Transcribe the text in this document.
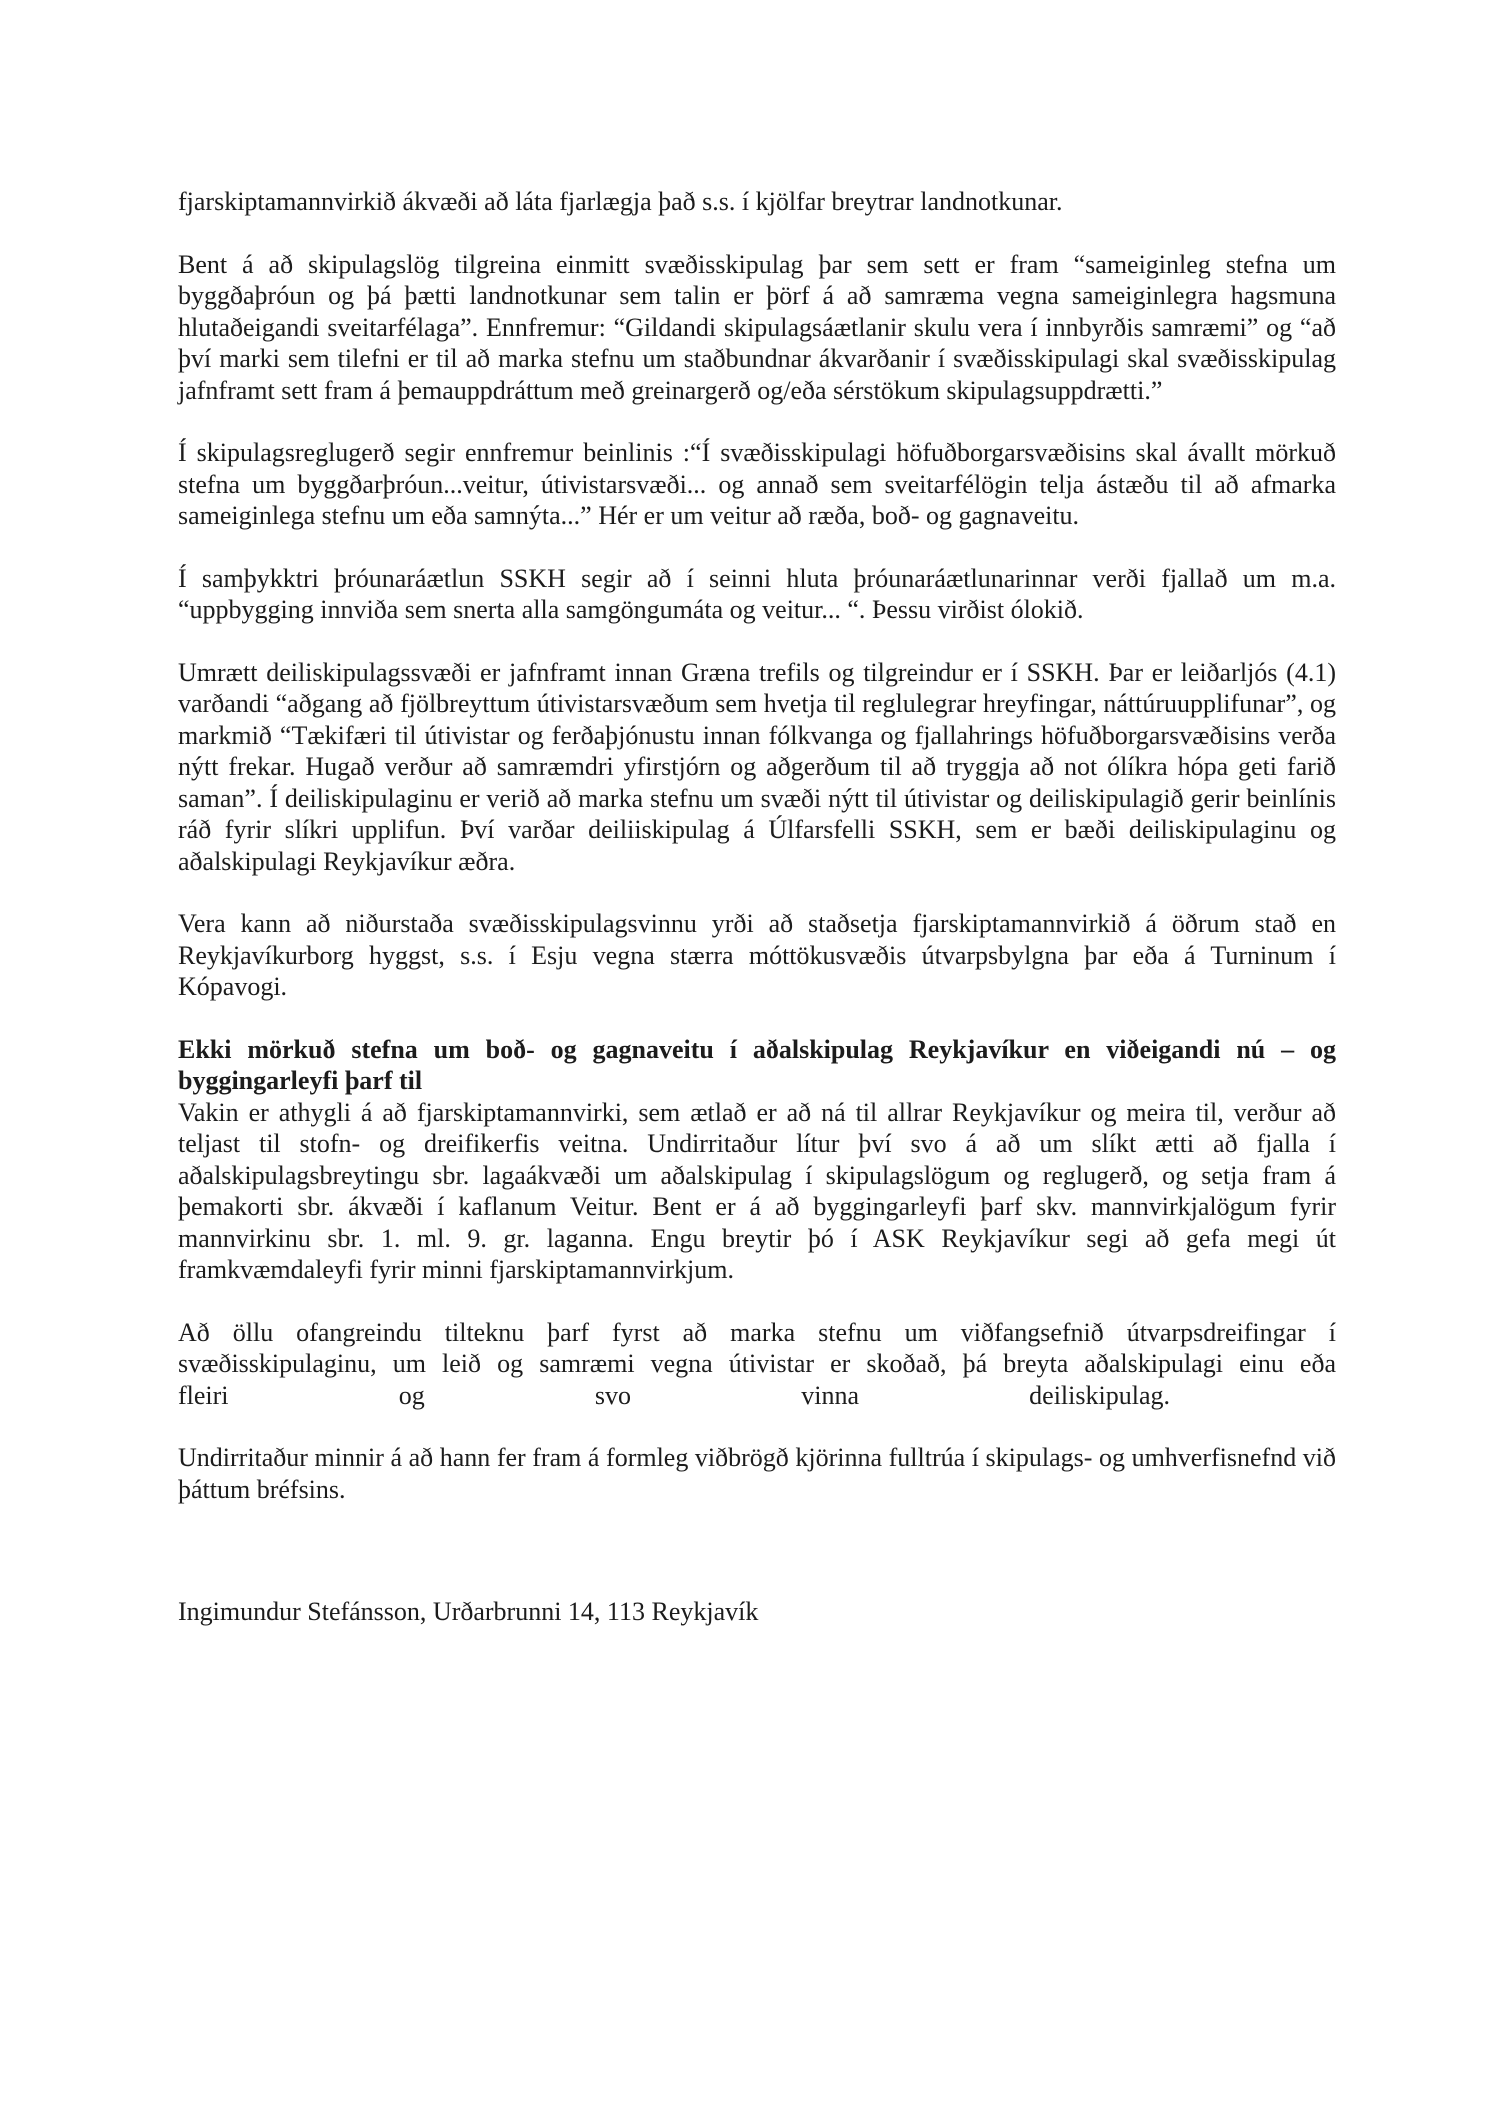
fjarskiptamannvirkið ákvæði að láta fjarlægja það s.s. í kjölfar breytrar landnotkunar.

Bent á að skipulagslög tilgreina einmitt svæðisskipulag þar sem sett er fram “sameiginleg stefna um byggðaþróun og þá þætti landnotkunar sem talin er þörf á að samræma vegna sameiginlegra hagsmuna hlutaðeigandi sveitarfélaga”. Ennfremur: “Gildandi skipulagsáætlanir skulu vera í innbyrðis samræmi” og “að því marki sem tilefni er til að marka stefnu um staðbundnar ákvarðanir í svæðisskipulagi skal svæðisskipulag jafnframt sett fram á þemauppdráttum með greinargerð og/eða sérstökum skipulagsuppdrætti.”

Í skipulagsreglugerð segir ennfremur beinlinis :“Í svæðisskipulagi höfuðborgarsvæðisins skal ávallt mörkuð stefna um byggðarþróun...veitur, útivistarsvæði... og annað sem sveitarfélögin telja ástæðu til að afmarka sameiginlega stefnu um eða samnýta...” Hér er um veitur að ræða, boð- og gagnaveitu.

Í samþykktri þróunaráætlun SSKH segir að í seinni hluta þróunaráætlunarinnar verði fjallað um m.a. “uppbygging innviða sem snerta alla samgöngumáta og veitur... “. Þessu virðist ólokið.

Umrætt deiliskipulagssvæði er jafnframt innan Græna trefils og tilgreindur er í SSKH. Þar er leiðarljós (4.1) varðandi “aðgang að fjölbreyttum útivistarsvæðum sem hvetja til reglulegrar hreyfingar, náttúruupplifunar”, og markmið “Tækifæri til útivistar og ferðaþjónustu innan fólkvanga og fjallahrings höfuðborgarsvæðisins verða nýtt frekar. Hugað verður að samræmdri yfirstjórn og aðgerðum til að tryggja að not ólíkra hópa geti farið saman”. Í deiliskipulaginu er verið að marka stefnu um svæði nýtt til útivistar og deiliskipulagið gerir beinlínis ráð fyrir slíkri upplifun. Því varðar deiliiskipulag á Úlfarsfelli SSKH, sem er bæði deiliskipulaginu og aðalskipulagi Reykjavíkur æðra.

Vera kann að niðurstaða svæðisskipulagsvinnu yrði að staðsetja fjarskiptamannvirkið á öðrum stað en Reykjavíkurborg hyggst, s.s. í Esju vegna stærra móttökusvæðis útvarpsbylgna þar eða á Turninum í Kópavogi.

Ekki mörkuð stefna um boð- og gagnaveitu í aðalskipulag Reykjavíkur en viðeigandi nú – og byggingarleyfi þarf til

Vakin er athygli á að fjarskiptamannvirki, sem ætlað er að ná til allrar Reykjavíkur og meira til, verður að teljast til stofn- og dreifikerfis veitna. Undirritaður lítur því svo á að um slíkt ætti að fjalla í aðalskipulagsbreytingu sbr. lagaákvæði um aðalskipulag í skipulagslögum og reglugerð, og setja fram á þemakorti sbr. ákvæði í kaflanum Veitur. Bent er á að byggingarleyfi þarf skv. mannvirkjalögum fyrir mannvirkinu sbr. 1. ml. 9. gr. laganna. Engu breytir þó í ASK Reykjavíkur segi að gefa megi út framkvæmdaleyfi fyrir minni fjarskiptamannvirkjum.

Að öllu ofangreindu tilteknu þarf fyrst að marka stefnu um viðfangsefnið útvarpsdreifingar í svæðisskipulaginu, um leið og samræmi vegna útivistar er skoðað, þá breyta aðalskipulagi einu eða
fleiri	og	svo	vinna	deiliskipulag.

Undirritaður minnir á að hann fer fram á formleg viðbrögð kjörinna fulltrúa í skipulags- og umhverfisnefnd við þáttum bréfsins.

Ingimundur Stefánsson, Urðarbrunni 14, 113 Reykjavík
